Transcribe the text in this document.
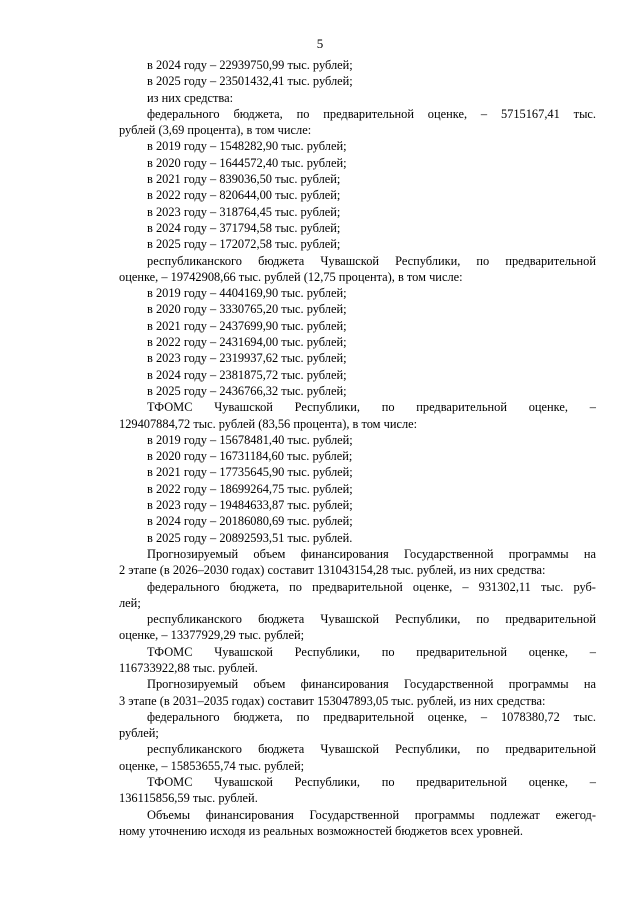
5
в 2024 году – 22939750,99 тыс. рублей;
в 2025 году – 23501432,41 тыс. рублей;
из них средства:
федерального бюджета, по предварительной оценке, – 5715167,41 тыс.
рублей (3,69 процента), в том числе:
в 2019 году – 1548282,90 тыс. рублей;
в 2020 году – 1644572,40 тыс. рублей;
в 2021 году – 839036,50 тыс. рублей;
в 2022 году – 820644,00 тыс. рублей;
в 2023 году – 318764,45 тыс. рублей;
в 2024 году – 371794,58 тыс. рублей;
в 2025 году – 172072,58 тыс. рублей;
республиканского бюджета Чувашской Республики, по предварительной
оценке, – 19742908,66 тыс. рублей (12,75 процента), в том числе:
в 2019 году – 4404169,90 тыс. рублей;
в 2020 году – 3330765,20 тыс. рублей;
в 2021 году – 2437699,90 тыс. рублей;
в 2022 году – 2431694,00 тыс. рублей;
в 2023 году – 2319937,62 тыс. рублей;
в 2024 году – 2381875,72 тыс. рублей;
в 2025 году – 2436766,32 тыс. рублей;
ТФОМС Чувашской Республики, по предварительной оценке, –
129407884,72 тыс. рублей (83,56 процента), в том числе:
в 2019 году – 15678481,40 тыс. рублей;
в 2020 году – 16731184,60 тыс. рублей;
в 2021 году – 17735645,90 тыс. рублей;
в 2022 году – 18699264,75 тыс. рублей;
в 2023 году – 19484633,87 тыс. рублей;
в 2024 году – 20186080,69 тыс. рублей;
в 2025 году – 20892593,51 тыс. рублей.
Прогнозируемый объем финансирования Государственной программы на
2 этапе (в 2026–2030 годах) составит 131043154,28 тыс. рублей, из них средства:
федерального бюджета, по предварительной оценке, – 931302,11 тыс. руб-
лей;
республиканского бюджета Чувашской Республики, по предварительной
оценке, – 13377929,29 тыс. рублей;
ТФОМС Чувашской Республики, по предварительной оценке, –
116733922,88 тыс. рублей.
Прогнозируемый объем финансирования Государственной программы на
3 этапе (в 2031–2035 годах) составит 153047893,05 тыс. рублей, из них средства:
федерального бюджета, по предварительной оценке, – 1078380,72 тыс.
рублей;
республиканского бюджета Чувашской Республики, по предварительной
оценке, – 15853655,74 тыс. рублей;
ТФОМС Чувашской Республики, по предварительной оценке, –
136115856,59 тыс. рублей.
Объемы финансирования Государственной программы подлежат ежегод-
ному уточнению исходя из реальных возможностей бюджетов всех уровней.
